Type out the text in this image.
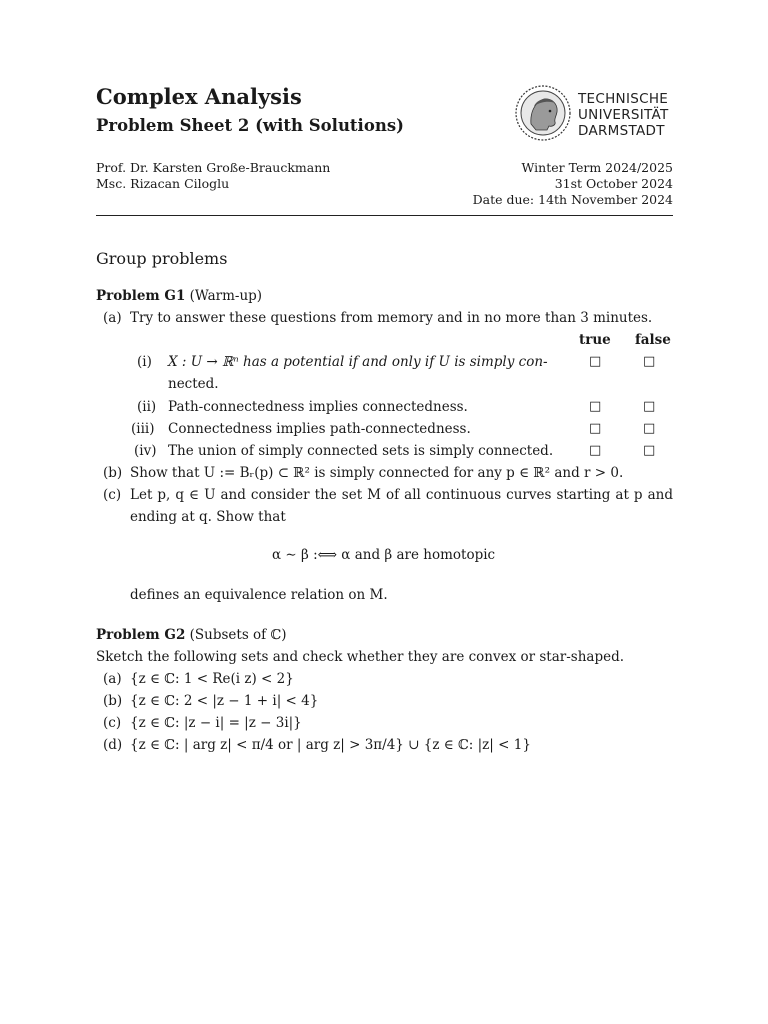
Complex Analysis
Problem Sheet 2 (with Solutions)
TECHNISCHE
UNIVERSITÄT
DARMSTADT
Prof. Dr. Karsten Große-Brauckmann
Msc. Rizacan Ciloglu
Winter Term 2024/2025
31st October 2024
Date due: 14th November 2024
Group problems
Problem G1 (Warm-up)
(a) Try to answer these questions from memory and in no more than 3 minutes.
true false
(i) X : U → ℝⁿ has a potential if and only if U is simply con-
nected.
□	□
(ii) Path-connectedness implies connectedness.	□	□
(iii) Connectedness implies path-connectedness.	□	□
(iv) The union of simply connected sets is simply connected.	□	□
(b) Show that U := Bᵣ(p) ⊂ ℝ² is simply connected for any p ∈ ℝ² and r > 0.
(c) Let p, q ∈ U and consider the set M of all continuous curves starting at p and
ending at q. Show that
α ∼ β :⟺ α and β are homotopic
defines an equivalence relation on M.
Problem G2 (Subsets of ℂ)
Sketch the following sets and check whether they are convex or star-shaped.
(a) {z ∈ ℂ: 1 < Re(i z) < 2}
(b) {z ∈ ℂ: 2 < |z − 1 + i| < 4}
(c) {z ∈ ℂ: |z − i| = |z − 3i|}
(d) {z ∈ ℂ: | arg z| < π/4 or | arg z| > 3π/4} ∪ {z ∈ ℂ: |z| < 1}
